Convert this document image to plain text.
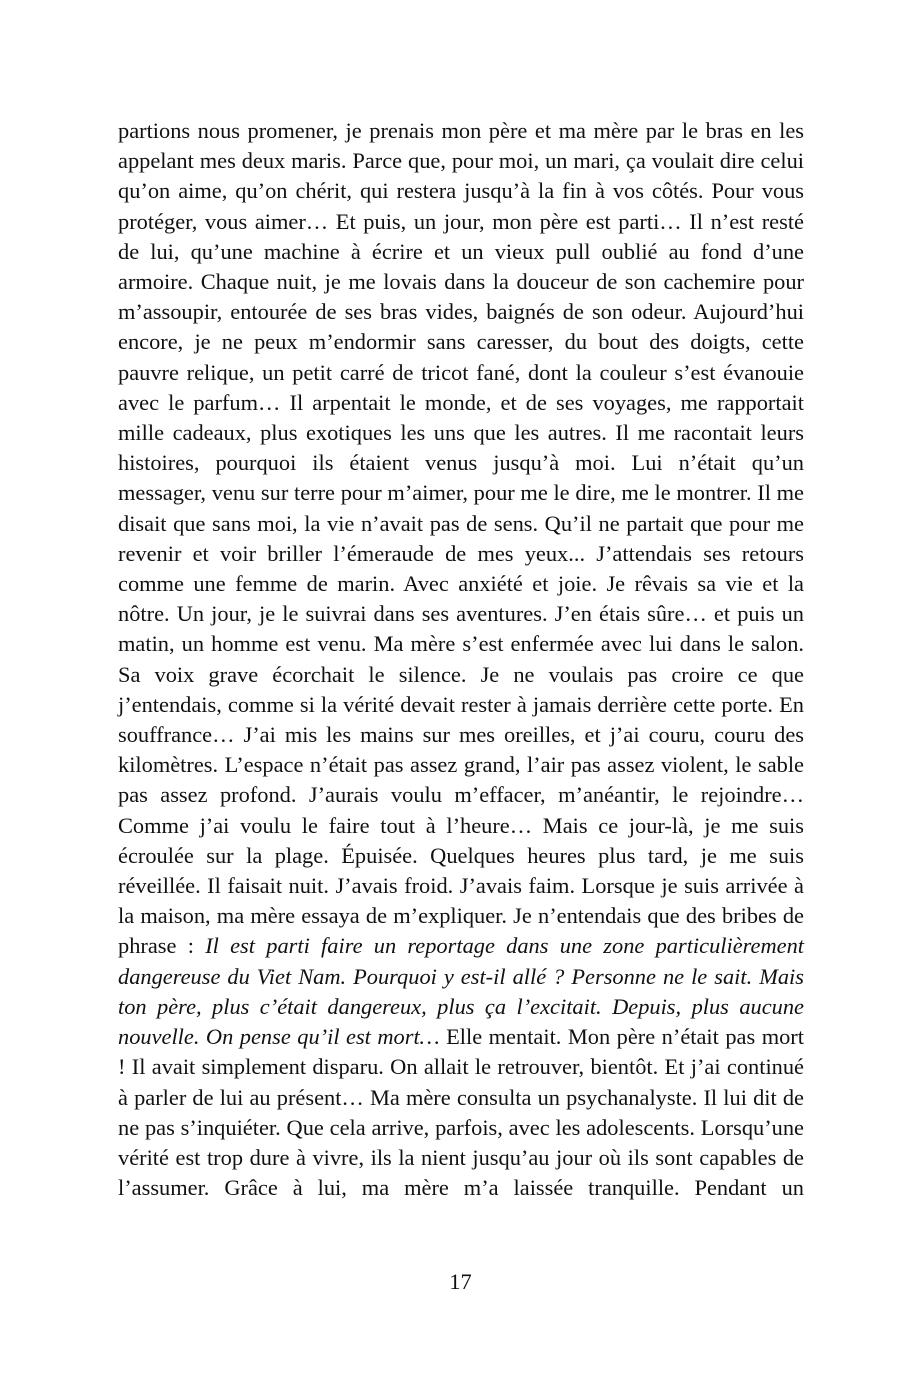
partions nous promener, je prenais mon père et ma mère par le bras en les appelant mes deux maris. Parce que, pour moi, un mari, ça voulait dire celui qu’on aime, qu’on chérit, qui restera jusqu’à la fin à vos côtés. Pour vous protéger, vous aimer… Et puis, un jour, mon père est parti… Il n’est resté de lui, qu’une machine à écrire et un vieux pull oublié au fond d’une armoire. Chaque nuit, je me lovais dans la douceur de son cachemire pour m’assoupir, entourée de ses bras vides, baignés de son odeur. Aujourd’hui encore, je ne peux m’endormir sans caresser, du bout des doigts, cette pauvre relique, un petit carré de tricot fané, dont la couleur s’est évanouie avec le parfum… Il arpentait le monde, et de ses voyages, me rapportait mille cadeaux, plus exotiques les uns que les autres. Il me racontait leurs histoires, pourquoi ils étaient venus jusqu’à moi. Lui n’était qu’un messager, venu sur terre pour m’aimer, pour me le dire, me le montrer. Il me disait que sans moi, la vie n’avait pas de sens. Qu’il ne partait que pour me revenir et voir briller l’émeraude de mes yeux... J’attendais ses retours comme une femme de marin. Avec anxiété et joie. Je rêvais sa vie et la nôtre. Un jour, je le suivrai dans ses aventures. J’en étais sûre… et puis un matin, un homme est venu. Ma mère s’est enfermée avec lui dans le salon. Sa voix grave écorchait le silence. Je ne voulais pas croire ce que j’entendais, comme si la vérité devait rester à jamais derrière cette porte. En souffrance… J’ai mis les mains sur mes oreilles, et j’ai couru, couru des kilomètres. L’espace n’était pas assez grand, l’air pas assez violent, le sable pas assez profond. J’aurais voulu m’effacer, m’anéantir, le rejoindre… Comme j’ai voulu le faire tout à l’heure… Mais ce jour-là, je me suis écroulée sur la plage. Épuisée. Quelques heures plus tard, je me suis réveillée. Il faisait nuit. J’avais froid. J’avais faim. Lorsque je suis arrivée à la maison, ma mère essaya de m’expliquer. Je n’entendais que des bribes de phrase : Il est parti faire un reportage dans une zone particulièrement dangereuse du Viet Nam. Pourquoi y est-il allé ? Personne ne le sait. Mais ton père, plus c’était dangereux, plus ça l’excitait. Depuis, plus aucune nouvelle. On pense qu’il est mort… Elle mentait. Mon père n’était pas mort ! Il avait simplement disparu. On allait le retrouver, bientôt. Et j’ai continué à parler de lui au présent… Ma mère consulta un psychanalyste. Il lui dit de ne pas s’inquiéter. Que cela arrive, parfois, avec les adolescents. Lorsqu’une vérité est trop dure à vivre, ils la nient jusqu’au jour où ils sont capables de l’assumer. Grâce à lui, ma mère m’a laissée tranquille. Pendant un

17
